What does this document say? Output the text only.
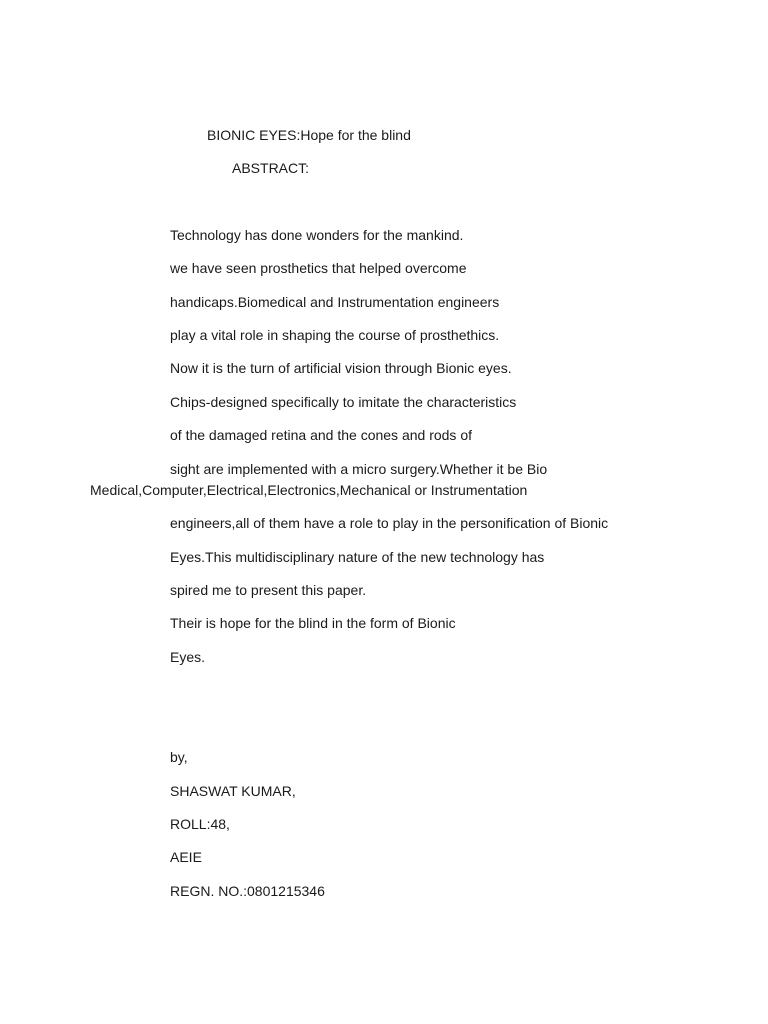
BIONIC EYES:Hope for the blind

ABSTRACT:

Technology has done wonders for the mankind.

we have seen prosthetics that helped overcome

handicaps.Biomedical and Instrumentation engineers

play a vital role in shaping the course of prosthethics.

Now it is the turn of artificial vision through Bionic eyes.

Chips-designed specifically to imitate the characteristics

of the damaged retina and the cones and rods of

sight are implemented with a micro surgery.Whether it be Bio

Medical,Computer,Electrical,Electronics,Mechanical or Instrumentation

engineers,all of them have a role to play in the personification of Bionic

Eyes.This multidisciplinary nature of the new technology has

spired me to present this paper.

Their is hope for the blind in the form of Bionic

Eyes.

by,

SHASWAT KUMAR,

ROLL:48,

AEIE

REGN. NO.:0801215346
